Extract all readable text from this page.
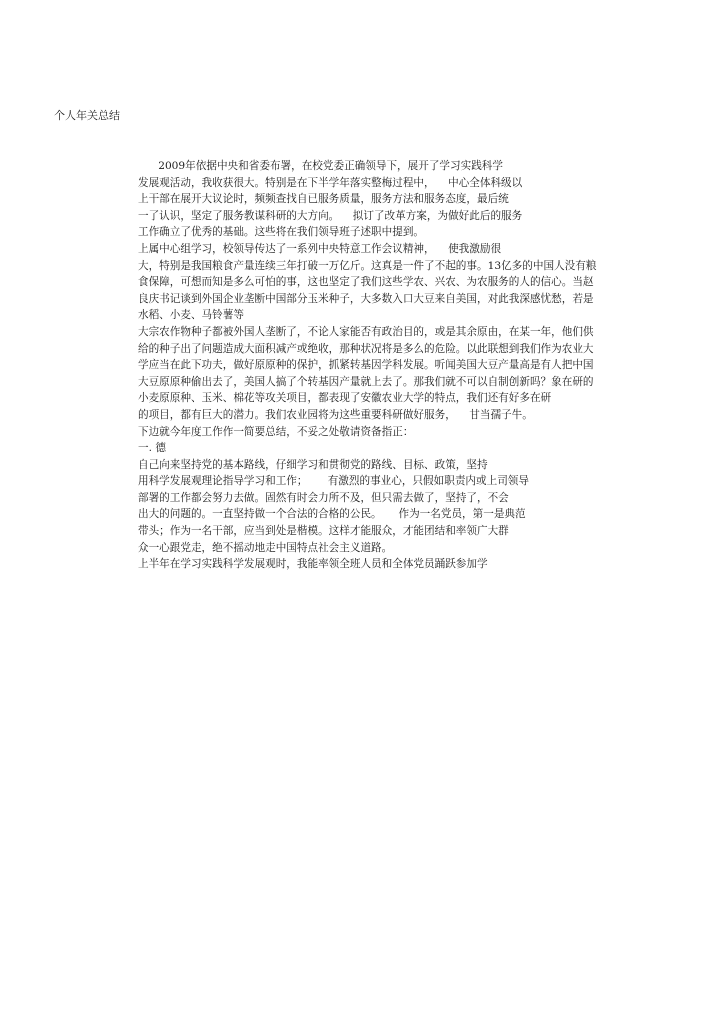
个人年关总结
2009年依据中央和省委布署，在校党委正确领导下，展开了学习实践科学
发展观活动，我收获很大。特别是在下半学年落实整梅过程中，    中心全体科级以
上干部在展开大议论时，频频查找自已服务质量，服务方法和服务态度，最后统
一了认识，坚定了服务教谋科研的大方向。    拟订了改革方案，为做好此后的服务
工作确立了优秀的基础。这些将在我们领导班子述职中提到。
上属中心组学习，校领导传达了一系列中央特意工作会议精神，    使我激励很
大，特别是我国粮食产量连续三年打破一万亿斤。这真是一件了不起的事。13亿多的中国人没有粮
食保障，可想而知是多么可怕的事，这也坚定了我们这些学农、兴农、为农服务的人的信心。当赵
良庆书记谈到外国企业垄断中国部分玉米种子，大多数入口大豆来自美国，对此我深感忧愁，若是
水稻、小麦、马铃薯等
大宗农作物种子都被外国人垄断了，不论人家能否有政治目的，或是其余原由，在某一年，他们供
给的种子出了问题造成大面积减产或绝收，那种状况将是多么的危险。以此联想到我们作为农业大
学应当在此下功夫，做好原原种的保护，抓紧转基因学科发展。听闻美国大豆产量高是有人把中国
大豆原原种偷出去了，美国人搞了个转基因产量就上去了。那我们就不可以自制创新吗？象在研的
小麦原原种、玉米、棉花等攻关项目，都表现了安徽农业大学的特点，我们还有好多在研
的项目，都有巨大的潜力。我们农业园将为这些重要科研做好服务，    甘当孺子牛。
下边就今年度工作作一简要总结，不妥之处敬请资备指正：
一. 德
自己向来坚持党的基本路线，仔细学习和贯彻党的路线、目标、政策，坚持
用科学发展观理论指导学习和工作；      有激烈的事业心，只假如职责内或上司领导
部署的工作都会努力去做。固然有时会力所不及，但只需去做了，坚持了，不会
出大的问题的。一直坚持做一个合法的合格的公民。     作为一名党员，第一是典范
带头；作为一名干部，应当到处是楷模。这样才能服众，才能团结和率领广大群
众一心跟党走，绝不摇动地走中国特点社会主义道路。
上半年在学习实践科学发展观时，我能率领全班人员和全体党员踊跃参加学
